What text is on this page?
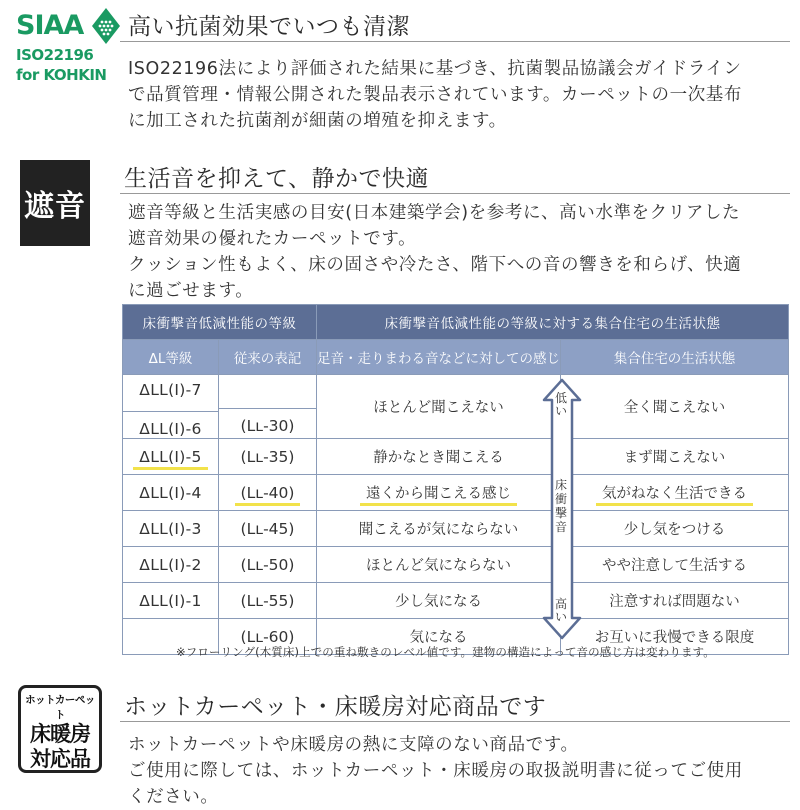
SIAA
ISO22196
for KOHKIN
高い抗菌効果でいつも清潔
ISO22196法により評価された結果に基づき、抗菌製品協議会ガイドライン
で品質管理・情報公開された製品表示されています。カーペットの一次基布
に加工された抗菌剤が細菌の増殖を抑えます。
遮音
生活音を抑えて、静かで快適
遮音等級と生活実感の目安(日本建築学会)を参考に、高い水準をクリアした
遮音効果の優れたカーペットです。
クッション性もよく、床の固さや冷たさ、階下への音の響きを和らげ、快適
に過ごせます。
床衝撃音低減性能の等級		床衝撃音低減性能の等級に対する集合住宅の生活状態	
ΔL等級	従来の表記	足音・走りまわる音などに対しての感じ	集合住宅の生活状態

ΔLL(I)-7
ΔLL(I)-6	(Lʟ-30)	ほとんど聞こえない	全く聞こえない

ΔLL(I)-5	(Lʟ-35)	静かなとき聞こえる	まず聞こえない
ΔLL(I)-4	(Lʟ-40)	遠くから聞こえる感じ	気がねなく生活できる
ΔLL(I)-3	(Lʟ-45)	聞こえるが気にならない	少し気をつける
ΔLL(I)-2	(Lʟ-50)	ほとんど気にならない	やや注意して生活する
ΔLL(I)-1	(Lʟ-55)	少し気になる	注意すれば問題ない
	(Lʟ-60)	気になる	お互いに我慢できる限度
低
い
床
衝
撃
音
高
い
※フローリング(木質床)上での重ね敷きのレベル値です。建物の構造によって音の感じ方は変わります。
ホットカーペット
床暖房
対応品
ホットカーペット・床暖房対応商品です
ホットカーペットや床暖房の熱に支障のない商品です。
ご使用に際しては、ホットカーペット・床暖房の取扱説明書に従ってご使用
ください。
